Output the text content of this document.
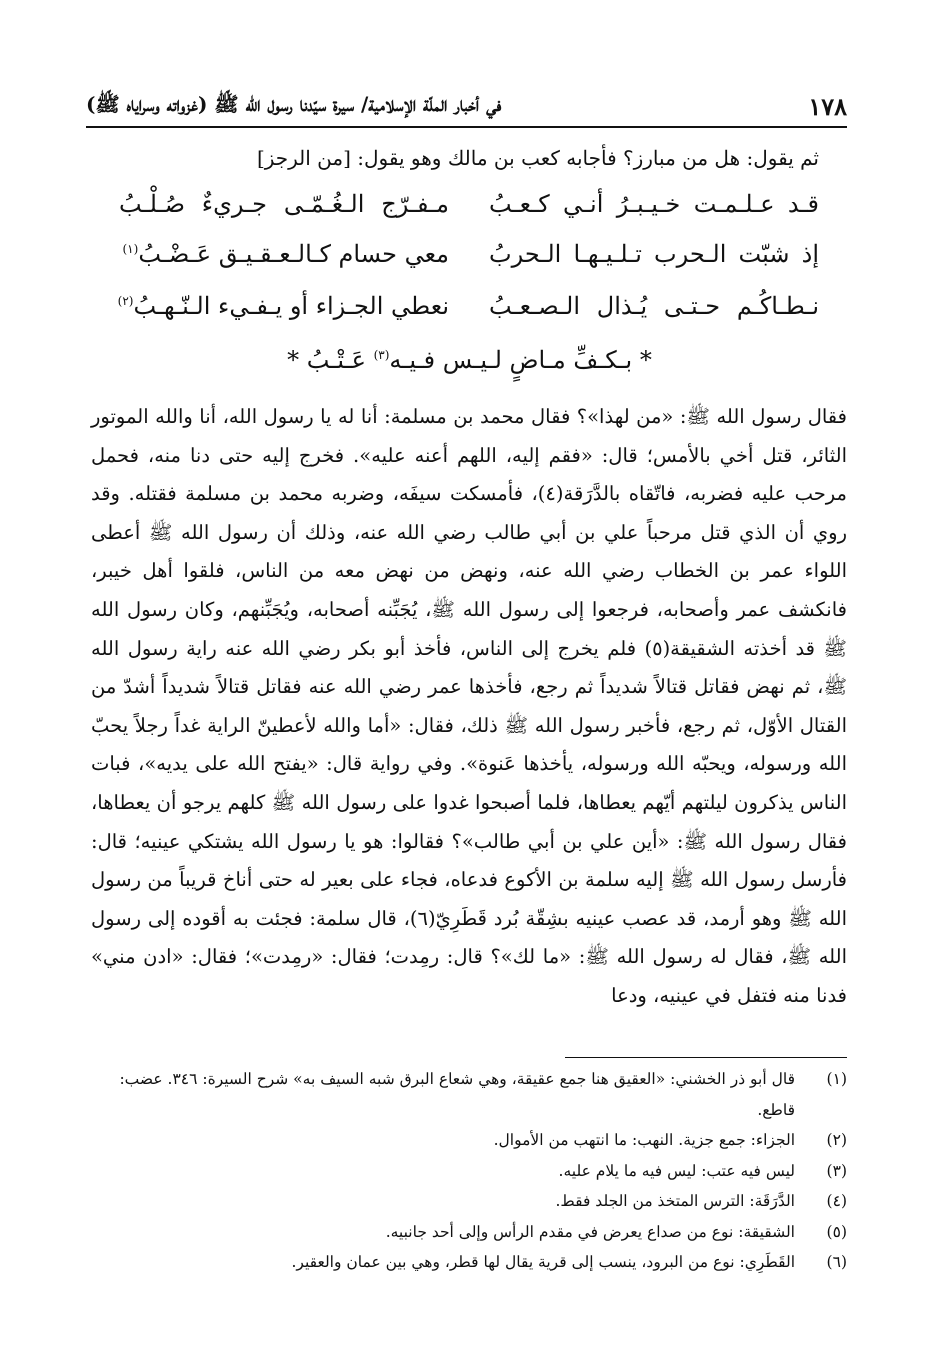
١٧٨
في أخبار الملّة الإسلامية/ سيرة سيّدنا رسول الله ﷺ (غزواته وسراياه ﷺ)
ثم يقول: هل من مبارز؟ فأجابه كعب بن مالك وهو يقول: [من الرجز]
قـد عـلـمـت خـيـبـرُ أنـي كـعـبُ
مـفـرّج الـغُـمّـى جـريءٌ صُـلْـبُ
إذ شبّت الـحرب تـلـيـهـا الـحربُ
معي حسام كـالـعـقـيـق عَـضْـبُ$^{(١)}$
نـطـاكُـم حـتـى يُـذال الـصـعـبُ
نعطي الجـزاء أو يـفـيء الـنّـهـبُ$^{(٢)}$
* بـكـفِّ مـاضٍ لـيـس فـيـه$^{(٣)}$ عَـتْـبُ *

فقال رسول الله ﷺ: «من لهذا»؟ فقال محمد بن مسلمة: أنا له يا رسول الله، أنا والله الموتور الثائر، قتل أخي بالأمس؛ قال: «فقم إليه، اللهم أعنه عليه». فخرج إليه حتى دنا منه، فحمل مرحب عليه فضربه، فاتّقاه بالدَّرَقة(٤)، فأمسكت سيفَه، وضربه محمد بن مسلمة فقتله. وقد روي أن الذي قتل مرحباً علي بن أبي طالب رضي الله عنه، وذلك أن رسول الله ﷺ أعطى اللواء عمر بن الخطاب رضي الله عنه، ونهض من نهض معه من الناس، فلقوا أهل خيبر، فانكشف عمر وأصحابه، فرجعوا إلى رسول الله ﷺ، يُجَبِّنه أصحابه، ويُجَبِّنهم، وكان رسول الله ﷺ قد أخذته الشقيقة(٥) فلم يخرج إلى الناس، فأخذ أبو بكر رضي الله عنه راية رسول الله ﷺ، ثم نهض فقاتل قتالاً شديداً ثم رجع، فأخذها عمر رضي الله عنه فقاتل قتالاً شديداً أشدّ من القتال الأوّل، ثم رجع، فأخبر رسول الله ﷺ ذلك، فقال: «أما والله لأعطينّ الراية غداً رجلاً يحبّ الله ورسوله، ويحبّه الله ورسوله، يأخذها عَنوة». وفي رواية قال: «يفتح الله على يديه»، فبات الناس يذكرون ليلتهم أيّهم يعطاها، فلما أصبحوا غدوا على رسول الله ﷺ كلهم يرجو أن يعطاها، فقال رسول الله ﷺ: «أين علي بن أبي طالب»؟ فقالوا: هو يا رسول الله يشتكي عينيه؛ قال: فأرسل رسول الله ﷺ إليه سلمة بن الأكوع فدعاه، فجاء على بعير له حتى أناخ قريباً من رسول الله ﷺ وهو أرمد، قد عصب عينيه بشِقّة بُرد قَطَرِيّ(٦)، قال سلمة: فجئت به أقوده إلى رسول الله ﷺ، فقال له رسول الله ﷺ: «ما لك»؟ قال: رمِدت؛ فقال: «رمِدت»؛ فقال: «ادن مني» فدنا منه فتفل في عينيه، ودعا

(١)
قال أبو ذر الخشني: «العقيق هنا جمع عقيقة، وهي شعاع البرق شبه السيف به» شرح السيرة: ٣٤٦. عضب: قاطع.
(٢)
الجزاء: جمع جزية. النهب: ما انتهب من الأموال.
(٣)
ليس فيه عتب: ليس فيه ما يلام عليه.
(٤)
الدَّرَقَة: الترس المتخذ من الجلد فقط.
(٥)
الشقيقة: نوع من صداع يعرض في مقدم الرأس وإلى أحد جانبيه.
(٦)
القَطَرِي: نوع من البرود، ينسب إلى قرية يقال لها قطر، وهي بين عمان والعقير.
